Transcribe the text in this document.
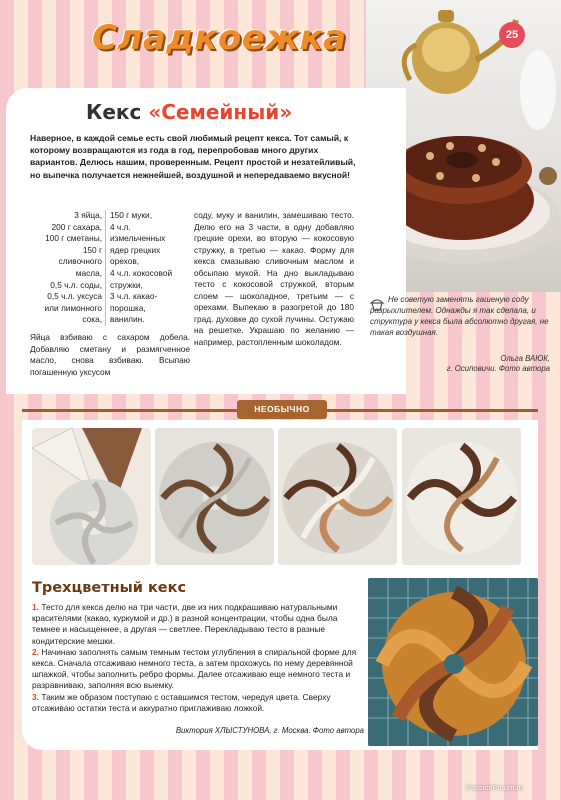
Сладкоежка	25
Кекс «Семейный»
Наверное, в каждой семье есть свой любимый рецепт кекса. Тот самый, к которому возвращаются из года в год, перепробовав много других вариантов. Делюсь нашим, проверенным. Рецепт простой и незатейливый, но выпечка получается нежнейшей, воздушной и непередаваемо вкусной!
3 яйца,
200 г сахара,
100 г сметаны,
150 г
сливочного
масла,
0,5 ч.л. соды,
0,5 ч.л. уксуса
или лимонного
сока,
150 г муки,
4 ч.л.
измельченных
ядер грецких
орехов,
4 ч.л. кокосовой
стружки,
3 ч.л. какао-
порошка,
ванилин.
Яйца взбиваю с сахаром добела. Добавляю сметану и размягченное масло, снова взбиваю. Всыпаю погашенную уксусом
соду, муку и ванилин, замешиваю тесто. Делю его на 3 части, в одну добавляю грецкие орехи, во вторую — кокосовую стружку, в третью — какао. Форму для кекса смазываю сливочным маслом и обсыпаю мукой. На дно выкладываю тесто с кокосовой стружкой, вторым слоем — шоколадное, третьим — с орехами. Выпекаю в разогретой до 180 град. духовке до сухой лучины. Остужаю на решетке. Украшаю по желанию — например, растопленным шоколадом.
Не советую заменять гашеную соду разрыхлителем. Однажды я так сделала, и структура у кекса была абсолютно другая, не такая воздушная.
Ольга ВАЮК,
г. Осиповичи. Фото автора
НЕОБЫЧНО
Трехцветный кекс

1. Тесто для кекса делю на три части, две из них подкрашиваю натуральными красителями (какао, куркумой и др.) в разной концентрации, чтобы одна была темнее и насыщеннее, а другая — светлее. Перекладываю тесто в разные кондитерские мешки.

2. Начинаю заполнять самым темным тестом углубления в спиральной форме для кекса. Сначала отсаживаю немного теста, а затем прохожусь по нему деревянной шпажкой, чтобы заполнить ребро формы. Далее отсаживаю еще немного теста и разравниваю, заполняя всю выемку.

3. Таким же образом поступаю с оставшимся тестом, чередуя цвета. Сверху отсаживаю остатки теста и аккуратно приглаживаю ложкой.

Виктория ХЛЫСТУНОВА, г. Москва. Фото автора
PassionForum.ru
